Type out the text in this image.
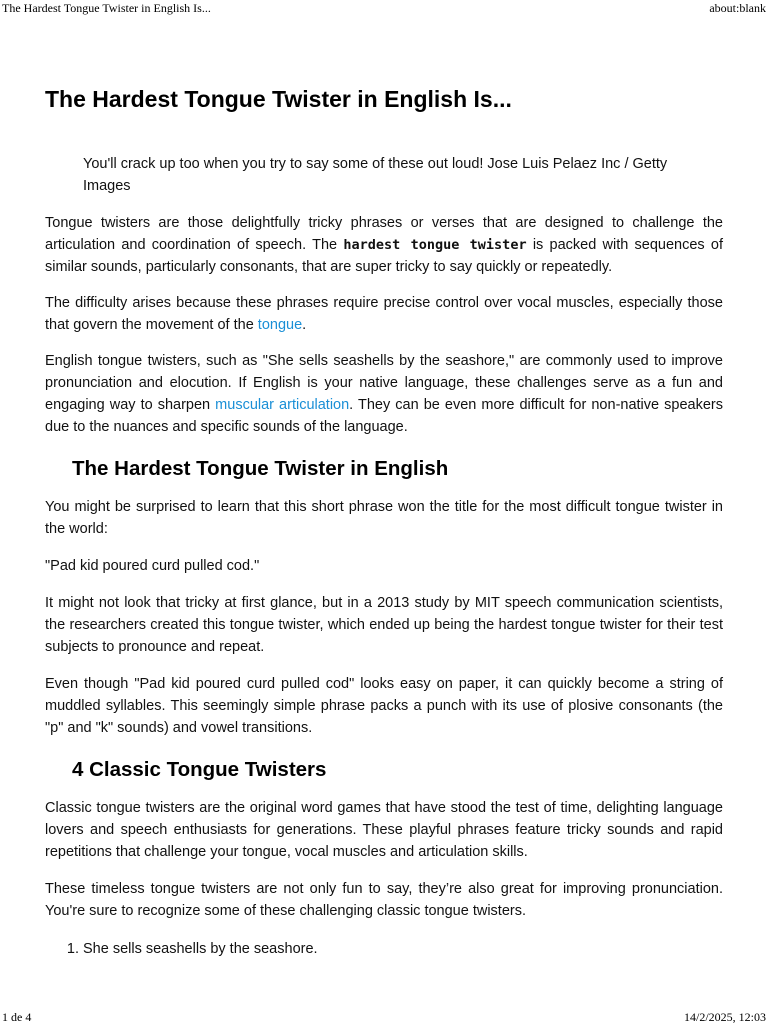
The Hardest Tongue Twister in English Is...	about:blank
The Hardest Tongue Twister in English Is...
You'll crack up too when you try to say some of these out loud! Jose Luis Pelaez Inc / Getty Images

Tongue twisters are those delightfully tricky phrases or verses that are designed to challenge the articulation and coordination of speech. The hardest tongue twister is packed with sequences of similar sounds, particularly consonants, that are super tricky to say quickly or repeatedly.

The difficulty arises because these phrases require precise control over vocal muscles, especially those that govern the movement of the tongue.

English tongue twisters, such as "She sells seashells by the seashore," are commonly used to improve pronunciation and elocution. If English is your native language, these challenges serve as a fun and engaging way to sharpen muscular articulation. They can be even more difficult for non-native speakers due to the nuances and specific sounds of the language.

The Hardest Tongue Twister in English

You might be surprised to learn that this short phrase won the title for the most difficult tongue twister in the world:

"Pad kid poured curd pulled cod."

It might not look that tricky at first glance, but in a 2013 study by MIT speech communication scientists, the researchers created this tongue twister, which ended up being the hardest tongue twister for their test subjects to pronounce and repeat.

Even though "Pad kid poured curd pulled cod" looks easy on paper, it can quickly become a string of muddled syllables. This seemingly simple phrase packs a punch with its use of plosive consonants (the "p" and "k" sounds) and vowel transitions.

4 Classic Tongue Twisters

Classic tongue twisters are the original word games that have stood the test of time, delighting language lovers and speech enthusiasts for generations. These playful phrases feature tricky sounds and rapid repetitions that challenge your tongue, vocal muscles and articulation skills.

These timeless tongue twisters are not only fun to say, they’re also great for improving pronunciation. You're sure to recognize some of these challenging classic tongue twisters.

1. She sells seashells by the seashore.
1 de 4	14/2/2025, 12:03
